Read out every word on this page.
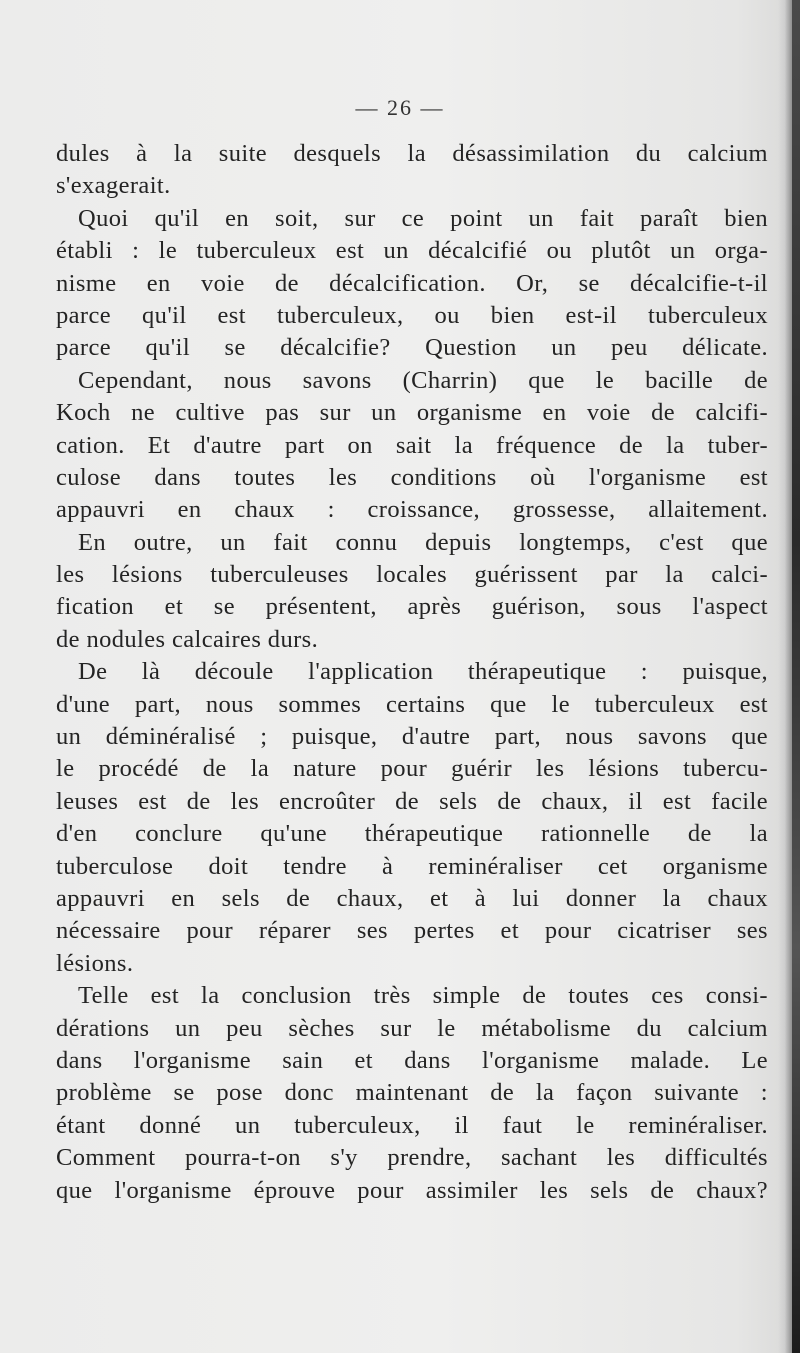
— 26 —
dules à la suite desquels la désassimilation du calcium
s'exagerait.
Quoi qu'il en soit, sur ce point un fait paraît bien
établi : le tuberculeux est un décalcifié ou plutôt un orga-
nisme en voie de décalcification. Or, se décalcifie-t-il
parce qu'il est tuberculeux, ou bien est-il tuberculeux
parce qu'il se décalcifie? Question un peu délicate.
Cependant, nous savons (Charrin) que le bacille de
Koch ne cultive pas sur un organisme en voie de calcifi-
cation. Et d'autre part on sait la fréquence de la tuber-
culose dans toutes les conditions où l'organisme est
appauvri en chaux : croissance, grossesse, allaitement.
En outre, un fait connu depuis longtemps, c'est que
les lésions tuberculeuses locales guérissent par la calci-
fication et se présentent, après guérison, sous l'aspect
de nodules calcaires durs.
De là découle l'application thérapeutique : puisque,
d'une part, nous sommes certains que le tuberculeux est
un déminéralisé ; puisque, d'autre part, nous savons que
le procédé de la nature pour guérir les lésions tubercu-
leuses est de les encroûter de sels de chaux, il est facile
d'en conclure qu'une thérapeutique rationnelle de la
tuberculose doit tendre à reminéraliser cet organisme
appauvri en sels de chaux, et à lui donner la chaux
nécessaire pour réparer ses pertes et pour cicatriser ses
lésions.
Telle est la conclusion très simple de toutes ces consi-
dérations un peu sèches sur le métabolisme du calcium
dans l'organisme sain et dans l'organisme malade. Le
problème se pose donc maintenant de la façon suivante :
étant donné un tuberculeux, il faut le reminéraliser.
Comment pourra-t-on s'y prendre, sachant les difficultés
que l'organisme éprouve pour assimiler les sels de chaux?
